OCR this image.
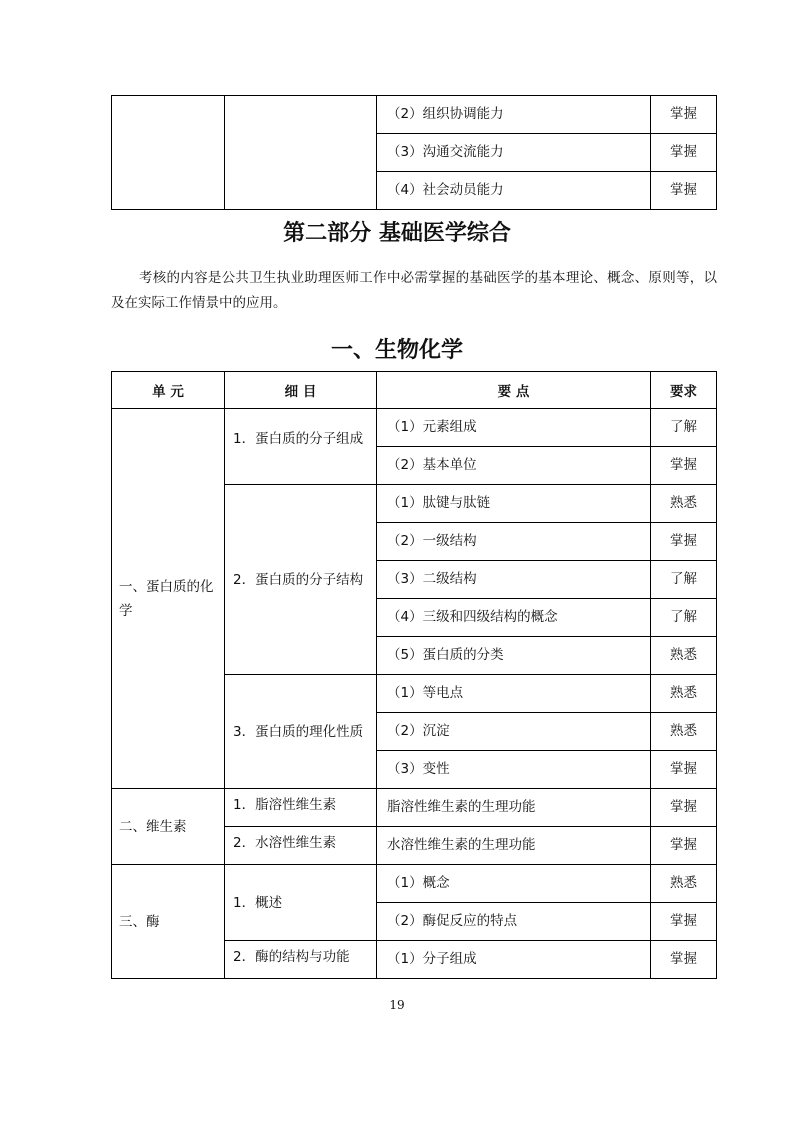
		（2）组织协调能力	掌握
		（3）沟通交流能力	掌握
		（4）社会动员能力	掌握
第二部分 基础医学综合
考核的内容是公共卫生执业助理医师工作中必需掌握的基础医学的基本理论、概念、原则等，以及在实际工作情景中的应用。
一、生物化学
单 元	细 目	要 点	要求
一、蛋白质的化学	1．蛋白质的分子组成	（1）元素组成	了解
		（2）基本单位	掌握
	2．蛋白质的分子结构	（1）肽键与肽链	熟悉
		（2）一级结构	掌握
		（3）二级结构	了解
		（4）三级和四级结构的概念	了解
		（5）蛋白质的分类	熟悉
	3．蛋白质的理化性质	（1）等电点	熟悉
		（2）沉淀	熟悉
		（3）变性	掌握
二、维生素	1．脂溶性维生素	脂溶性维生素的生理功能	掌握
	2．水溶性维生素	水溶性维生素的生理功能	掌握
三、酶	1．概述	（1）概念	熟悉
		（2）酶促反应的特点	掌握
	2．酶的结构与功能	（1）分子组成	掌握
19
